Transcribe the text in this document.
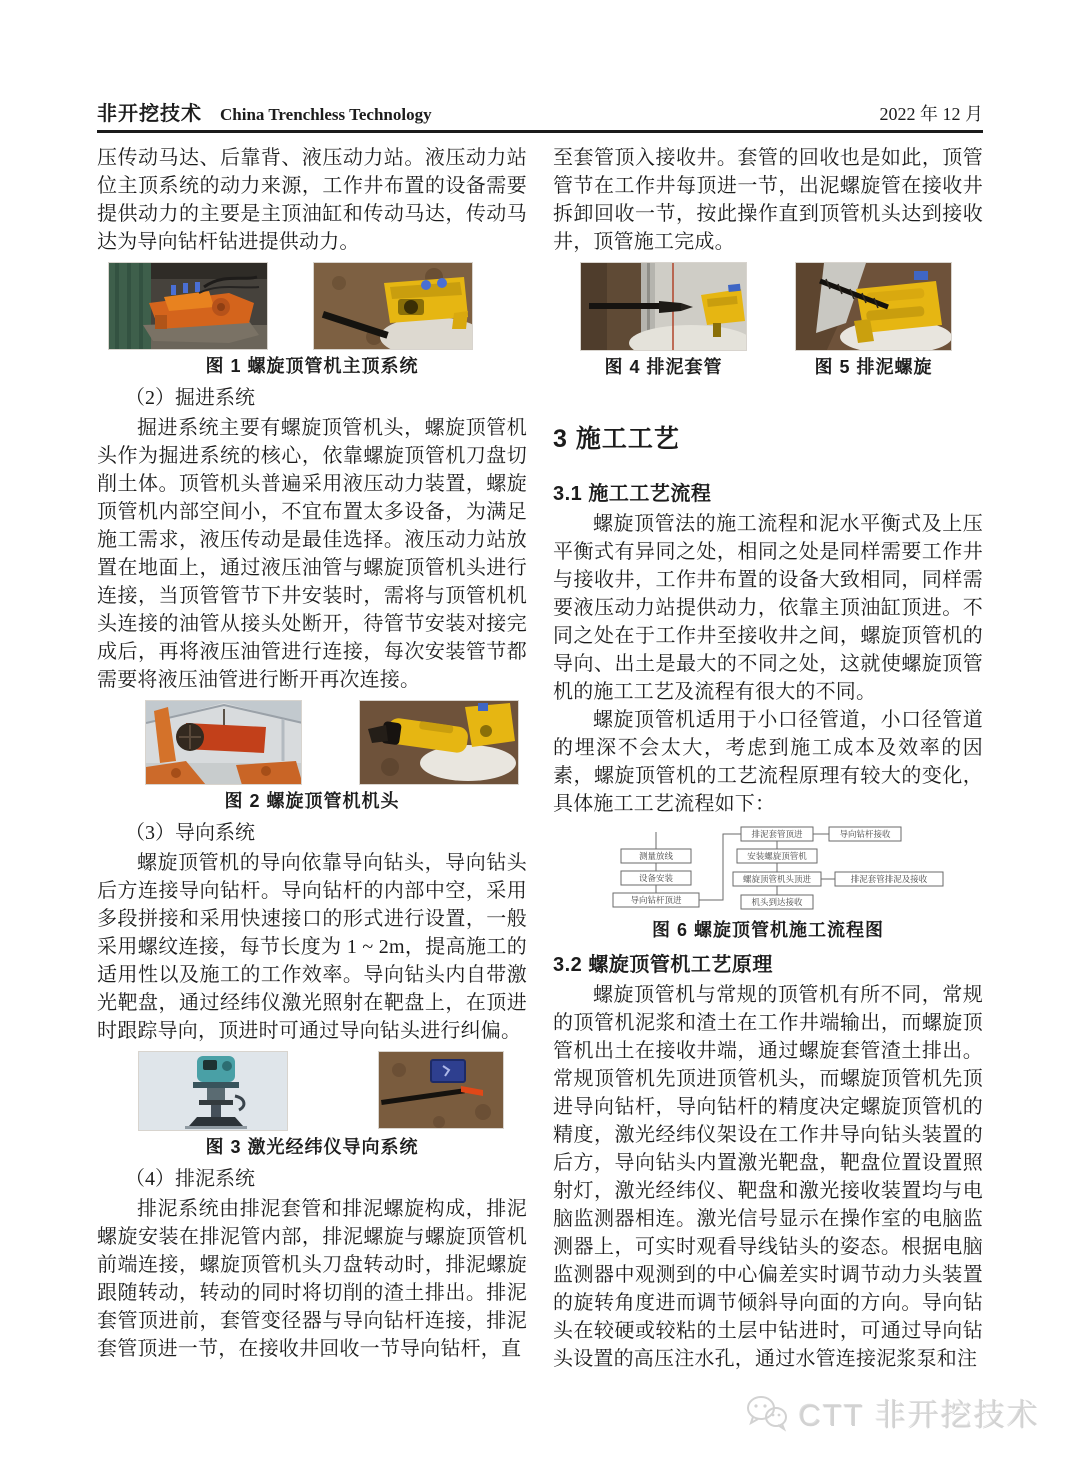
非开挖技术 China Trenchless Technology	2022 年 12 月

压传动马达、后靠背、液压动力站。液压动力站位主顶系统的动力来源，工作井布置的设备需要提供动力的主要是主顶油缸和传动马达，传动马达为导向钻杆钻进提供动力。

图 1 螺旋顶管机主顶系统
（2）掘进系统

掘进系统主要有螺旋顶管机头，螺旋顶管机头作为掘进系统的核心，依靠螺旋顶管机刀盘切削土体。顶管机头普遍采用液压动力装置，螺旋顶管机内部空间小，不宜布置太多设备，为满足施工需求，液压传动是最佳选择。液压动力站放置在地面上，通过液压油管与螺旋顶管机头进行连接，当顶管管节下井安装时，需将与顶管机机头连接的油管从接头处断开，待管节安装对接完成后，再将液压油管进行连接，每次安装管节都需要将液压油管进行断开再次连接。

图 2 螺旋顶管机机头
（3）导向系统

螺旋顶管机的导向依靠导向钻头，导向钻头后方连接导向钻杆。导向钻杆的内部中空，采用多段拼接和采用快速接口的形式进行设置，一般采用螺纹连接，每节长度为 1 ~ 2m，提高施工的适用性以及施工的工作效率。导向钻头内自带激光靶盘，通过经纬仪激光照射在靶盘上，在顶进时跟踪导向，顶进时可通过导向钻头进行纠偏。

图 3 激光经纬仪导向系统
（4）排泥系统

排泥系统由排泥套管和排泥螺旋构成，排泥螺旋安装在排泥管内部，排泥螺旋与螺旋顶管机前端连接，螺旋顶管机头刀盘转动时，排泥螺旋跟随转动，转动的同时将切削的渣土排出。排泥套管顶进前，套管变径器与导向钻杆连接，排泥套管顶进一节，在接收井回收一节导向钻杆，直

至套管顶入接收井。套管的回收也是如此，顶管管节在工作井每顶进一节，出泥螺旋管在接收井拆卸回收一节，按此操作直到顶管机头达到接收井，顶管施工完成。

图 4 排泥套管	图 5 排泥螺旋
3 施工工艺
3.1 施工工艺流程

螺旋顶管法的施工流程和泥水平衡式及上压平衡式有异同之处，相同之处是同样需要工作井与接收井，工作井布置的设备大致相同，同样需要液压动力站提供动力，依靠主顶油缸顶进。不同之处在于工作井至接收井之间，螺旋顶管机的导向、出土是最大的不同之处，这就使螺旋顶管机的施工工艺及流程有很大的不同。

螺旋顶管机适用于小口径管道，小口径管道的埋深不会太大，考虑到施工成本及效率的因素，螺旋顶管机的工艺流程原理有较大的变化，具体施工工艺流程如下：

测量放线
设备安装
导向钻杆顶进
排泥套管顶进	导向钻杆接收
安装螺旋顶管机
螺旋顶管机头顶进	排泥套管排泥及接收
机头到达接收
图 6 螺旋顶管机施工流程图
3.2 螺旋顶管机工艺原理

螺旋顶管机与常规的顶管机有所不同，常规的顶管机泥浆和渣土在工作井端输出，而螺旋顶管机出土在接收井端，通过螺旋套管渣土排出。常规顶管机先顶进顶管机头，而螺旋顶管机先顶进导向钻杆，导向钻杆的精度决定螺旋顶管机的精度，激光经纬仪架设在工作井导向钻头装置的后方，导向钻头内置激光靶盘，靶盘位置设置照射灯，激光经纬仪、靶盘和激光接收装置均与电脑监测器相连。激光信号显示在操作室的电脑监测器上，可实时观看导线钻头的姿态。根据电脑监测器中观测到的中心偏差实时调节动力头装置的旋转角度进而调节倾斜导向面的方向。导向钻头在较硬或较粘的土层中钻进时，可通过导向钻头设置的高压注水孔，通过水管连接泥浆泵和注

CTT 非开挖技术
